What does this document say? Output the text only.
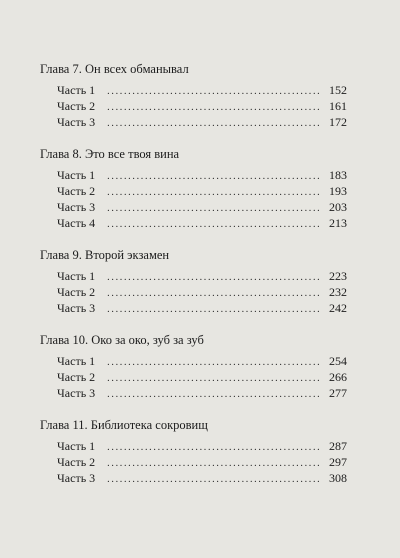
Глава 7. Он всех обманывал
Часть 1 . . .	152
Часть 2 . . .	161
Часть 3 . . .	172
Глава 8. Это все твоя вина
Часть 1 . . .	183
Часть 2 . . .	193
Часть 3 . . .	203
Часть 4 . . .	213
Глава 9. Второй экзамен
Часть 1 . . .	223
Часть 2 . . .	232
Часть 3 . . .	242
Глава 10. Око за око, зуб за зуб
Часть 1 . . .	254
Часть 2 . . .	266
Часть 3 . . .	277
Глава 11. Библиотека сокровищ
Часть 1 . . .	287
Часть 2 . . .	297
Часть 3 . . .	308
